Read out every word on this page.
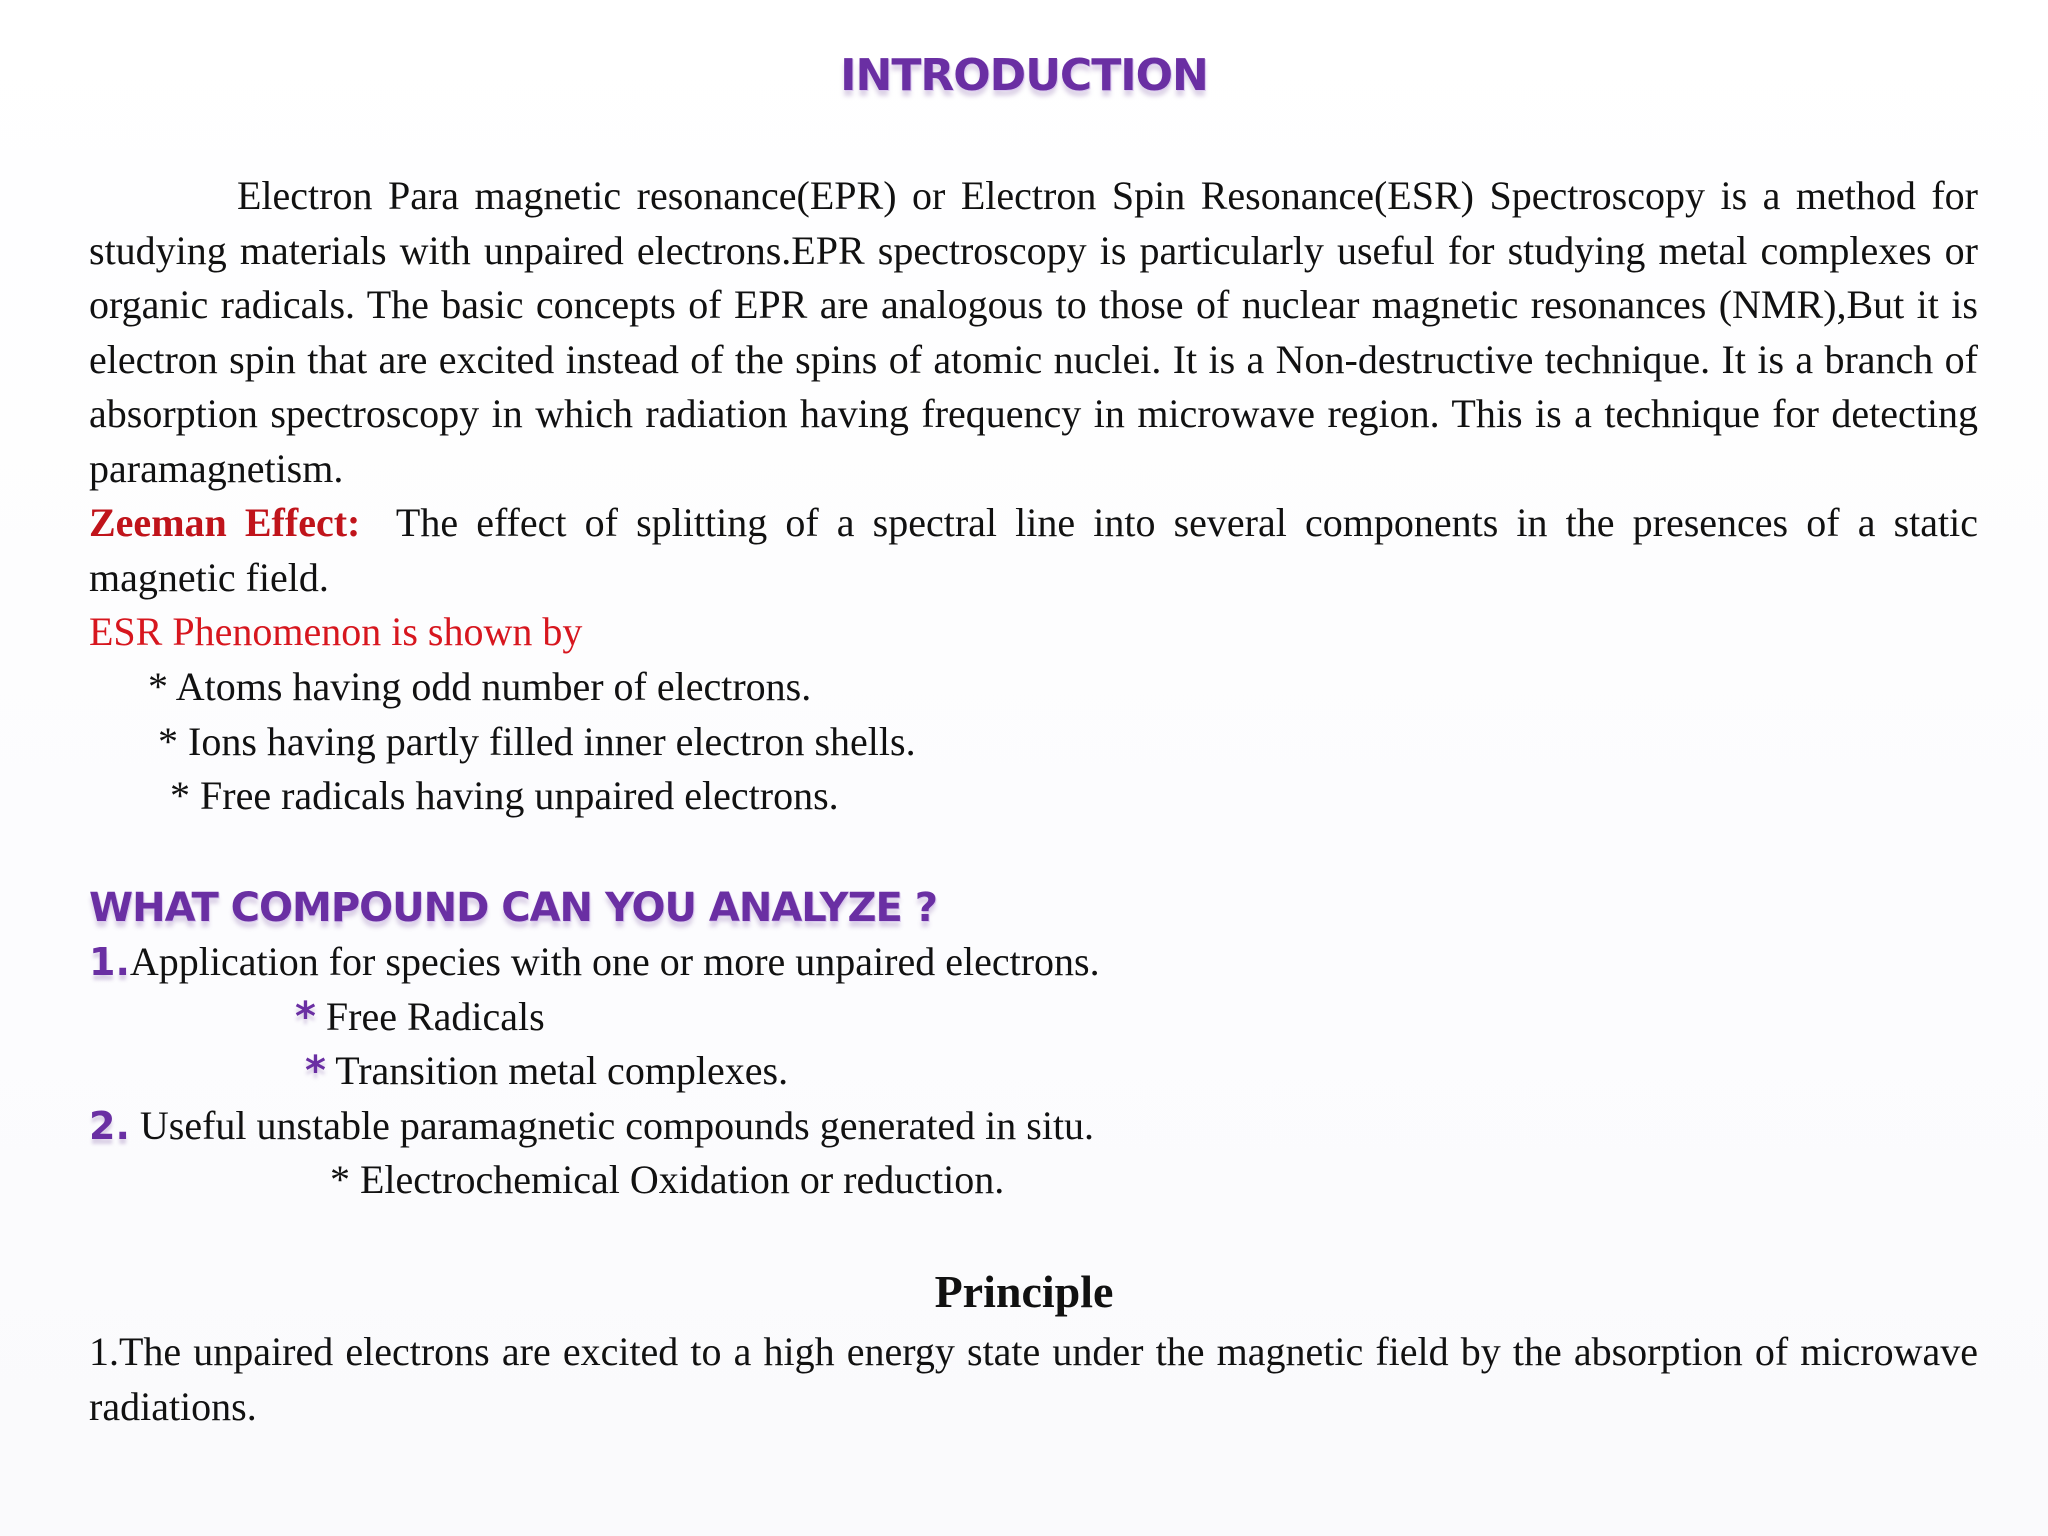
INTRODUCTION

Electron Para magnetic resonance(EPR) or Electron Spin Resonance(ESR) Spectroscopy is a method for studying materials with unpaired electrons.EPR spectroscopy is particularly useful for studying metal complexes or organic radicals. The basic concepts of EPR are analogous to those of nuclear magnetic resonances (NMR),But it is electron spin that are excited instead of the spins of atomic nuclei. It is a Non-destructive technique. It is a branch of absorption spectroscopy in which radiation having frequency in microwave region. This is a technique for detecting paramagnetism.

Zeeman Effect: The effect of splitting of a spectral line into several components in the presences of a static magnetic field.

ESR Phenomenon is shown by

* Atoms having odd number of electrons.

* Ions having partly filled inner electron shells.

* Free radicals having unpaired electrons.

WHAT COMPOUND CAN YOU ANALYZE ?

1.Application for species with one or more unpaired electrons.

* Free Radicals

* Transition metal complexes.

2. Useful unstable paramagnetic compounds generated in situ.

* Electrochemical Oxidation or reduction.

Principle

1.The unpaired electrons are excited to a high energy state under the magnetic field by the absorption of microwave radiations.
